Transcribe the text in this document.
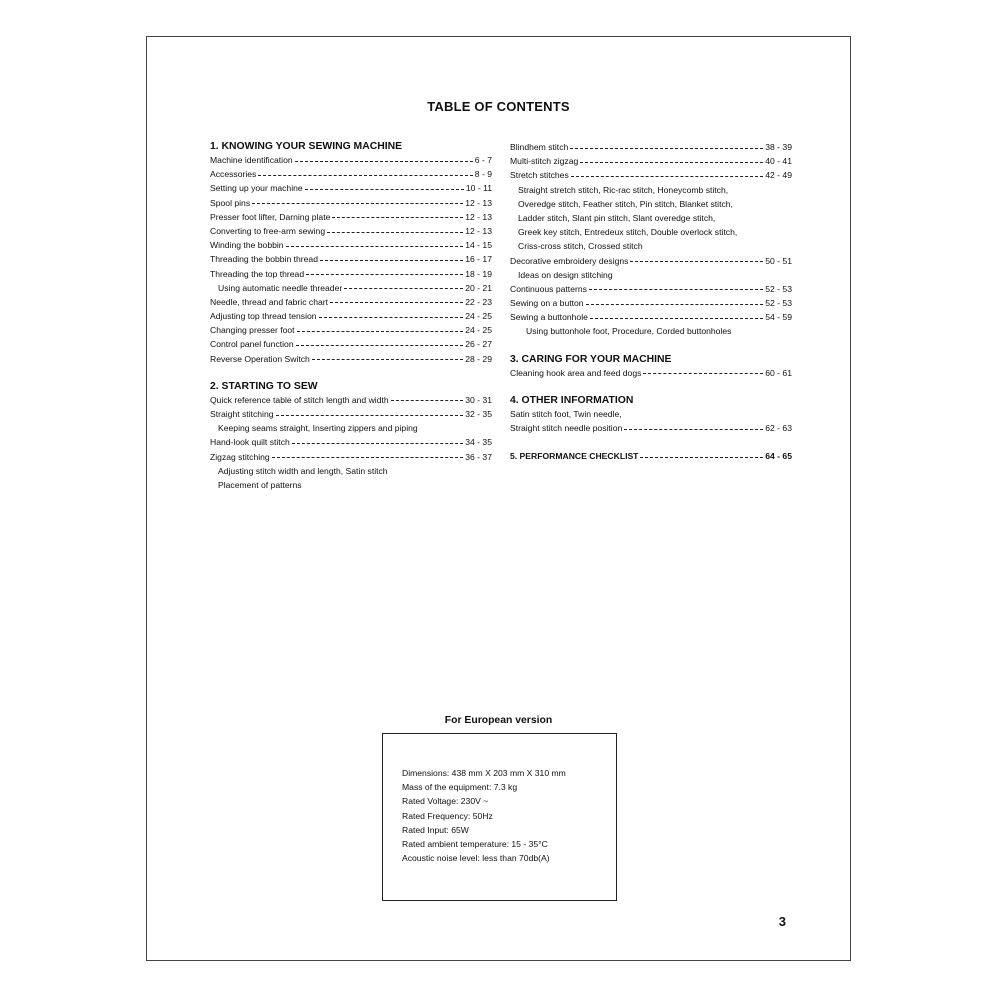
TABLE OF CONTENTS
1. KNOWING YOUR SEWING MACHINE
Machine identification	6 - 7
Accessories	8 - 9
Setting up your machine	10 - 11
Spool pins	12 - 13
Presser foot lifter, Darning plate	12 - 13
Converting to free-arm sewing	12 - 13
Winding the bobbin	14 - 15
Threading the bobbin thread	16 - 17
Threading the top thread	18 - 19
Using automatic needle threader	20 - 21
Needle, thread and fabric chart	22 - 23
Adjusting top thread tension	24 - 25
Changing presser foot	24 - 25
Control panel function	26 - 27
Reverse Operation Switch	28 - 29
2. STARTING TO SEW
Quick reference table of stitch length and width	30 - 31
Straight stitching	32 - 35
Keeping seams straight, Inserting zippers and piping
Hand-look quilt stitch	34 - 35
Zigzag stitching	36 - 37
Adjusting stitch width and length, Satin stitch
Placement of patterns
Blindhem stitch	38 - 39
Multi-stitch zigzag	40 - 41
Stretch stitches	42 - 49
Straight stretch stitch, Ric-rac stitch, Honeycomb stitch,
Overedge stitch, Feather stitch, Pin stitch, Blanket stitch,
Ladder stitch, Slant pin stitch, Slant overedge stitch,
Greek key stitch, Entredeux stitch, Double overlock stitch,
Criss-cross stitch, Crossed stitch
Decorative embroidery designs	50 - 51
Ideas on design stitching
Continuous patterns	52 - 53
Sewing on a button	52 - 53
Sewing a buttonhole	54 - 59
Using buttonhole foot, Procedure, Corded buttonholes
3. CARING FOR YOUR MACHINE
Cleaning hook area and feed dogs	60 - 61
4. OTHER INFORMATION
Satin stitch foot, Twin needle,
Straight stitch needle position	62 - 63
5. PERFORMANCE CHECKLIST	64 - 65
For European version
Dimensions: 438 mm X 203 mm X 310 mm
Mass of the equipment: 7.3 kg
Rated Voltage: 230V ~
Rated Frequency: 50Hz
Rated Input: 65W
Rated ambient temperature: 15 - 35°C
Acoustic noise level: less than 70db(A)
3
